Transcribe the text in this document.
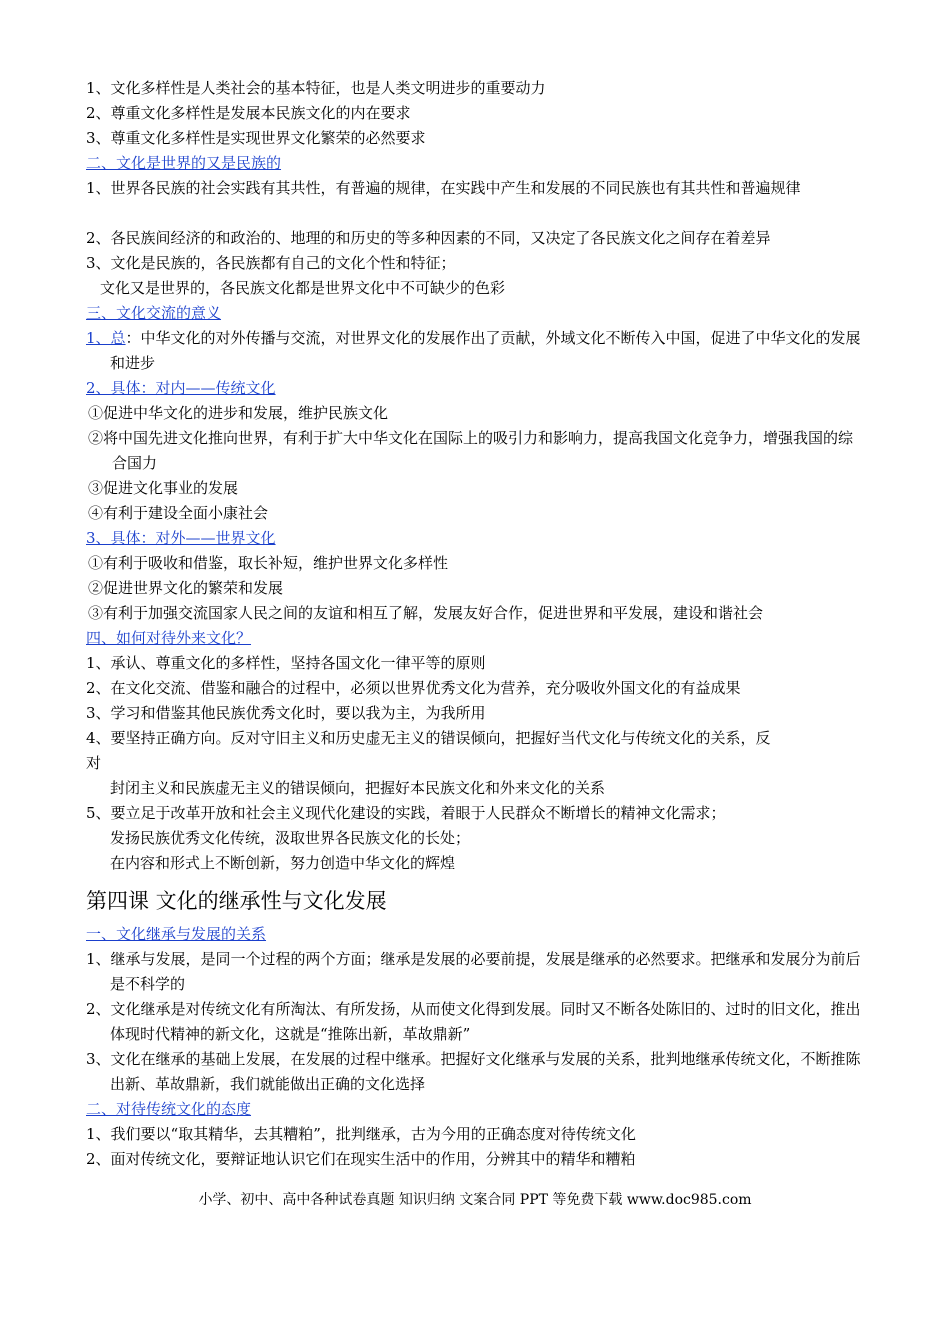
1、文化多样性是人类社会的基本特征，也是人类文明进步的重要动力
2、尊重文化多样性是发展本民族文化的内在要求
3、尊重文化多样性是实现世界文化繁荣的必然要求
二、文化是世界的又是民族的
1、世界各民族的社会实践有其共性，有普遍的规律，在实践中产生和发展的不同民族也有其共性和普遍规律
2、各民族间经济的和政治的、地理的和历史的等多种因素的不同，又决定了各民族文化之间存在着差异
3、文化是民族的，各民族都有自己的文化个性和特征；
文化又是世界的，各民族文化都是世界文化中不可缺少的色彩
三、文化交流的意义
1、总：中华文化的对外传播与交流，对世界文化的发展作出了贡献，外域文化不断传入中国，促进了中华文化的发展和进步
2、具体：对内——传统文化
①促进中华文化的进步和发展，维护民族文化
②将中国先进文化推向世界，有利于扩大中华文化在国际上的吸引力和影响力，提高我国文化竞争力，增强我国的综合国力
③促进文化事业的发展
④有利于建设全面小康社会
3、具体：对外——世界文化
①有利于吸收和借鉴，取长补短，维护世界文化多样性
②促进世界文化的繁荣和发展
③有利于加强交流国家人民之间的友谊和相互了解，发展友好合作，促进世界和平发展，建设和谐社会
四、如何对待外来文化？
1、承认、尊重文化的多样性，坚持各国文化一律平等的原则
2、在文化交流、借鉴和融合的过程中，必须以世界优秀文化为营养，充分吸收外国文化的有益成果
3、学习和借鉴其他民族优秀文化时，要以我为主，为我所用
4、要坚持正确方向。反对守旧主义和历史虚无主义的错误倾向，把握好当代文化与传统文化的关系，反
对
封闭主义和民族虚无主义的错误倾向，把握好本民族文化和外来文化的关系
5、要立足于改革开放和社会主义现代化建设的实践，着眼于人民群众不断增长的精神文化需求；
发扬民族优秀文化传统，汲取世界各民族文化的长处；
在内容和形式上不断创新，努力创造中华文化的辉煌
第四课 文化的继承性与文化发展
一、文化继承与发展的关系
1、继承与发展，是同一个过程的两个方面；继承是发展的必要前提，发展是继承的必然要求。把继承和发展分为前后是不科学的
2、文化继承是对传统文化有所淘汰、有所发扬，从而使文化得到发展。同时又不断各处陈旧的、过时的旧文化，推出体现时代精神的新文化，这就是“推陈出新，革故鼎新”
3、文化在继承的基础上发展，在发展的过程中继承。把握好文化继承与发展的关系，批判地继承传统文化，不断推陈出新、革故鼎新，我们就能做出正确的文化选择
二、对待传统文化的态度
1、我们要以“取其精华，去其糟粕”，批判继承，古为今用的正确态度对待传统文化
2、面对传统文化，要辩证地认识它们在现实生活中的作用，分辨其中的精华和糟粕
小学、初中、高中各种试卷真题 知识归纳 文案合同 PPT 等免费下载 www.doc985.com
